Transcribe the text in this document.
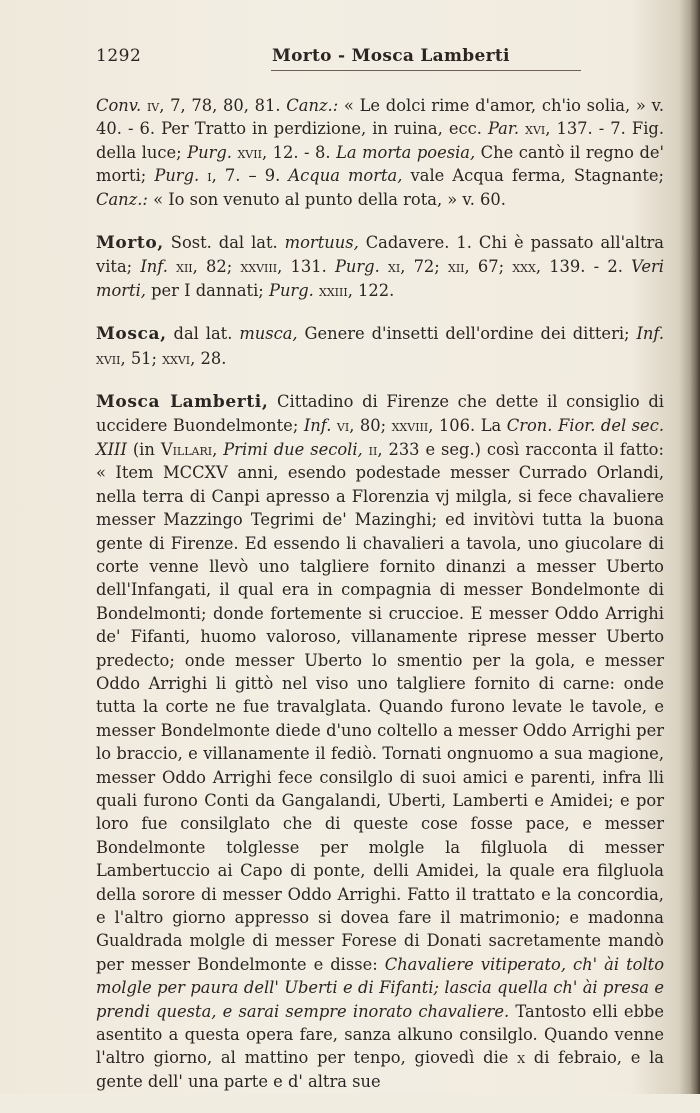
1292	Morto - Mosca Lamberti

Conv. iv, 7, 78, 80, 81. Canz.: « Le dolci rime d'amor, ch'io solia, » v. 40. - 6. Per Tratto in perdizione, in ruina, ecc. Par. xvi, 137. - 7. Fig. della luce; Purg. xvii, 12. - 8. La morta poesia, Che cantò il regno de' morti; Purg. i, 7. – 9. Acqua morta, vale Acqua ferma, Stagnante; Canz.: « Io son venuto al punto della rota, » v. 60.

Morto, Sost. dal lat. mortuus, Cadavere. 1. Chi è passato all'altra vita; Inf. xii, 82; xxviii, 131. Purg. xi, 72; xii, 67; xxx, 139. - 2. Veri morti, per I dannati; Purg. xxiii, 122.

Mosca, dal lat. musca, Genere d'insetti dell'ordine dei ditteri; Inf. xvii, 51; xxvi, 28.

Mosca Lamberti, Cittadino di Firenze che dette il consiglio di uccidere Buondelmonte; Inf. vi, 80; xxviii, 106. La Cron. Fior. del sec. XIII (in Villari, Primi due secoli, ii, 233 e seg.) così racconta il fatto: « Item MCCXV anni, esendo podestade messer Currado Orlandi, nella terra di Canpi apresso a Florenzia vj milgla, si fece chavaliere messer Mazzingo Tegrimi de' Mazinghi; ed invitòvi tutta la buona gente di Firenze. Ed essendo li chavalieri a tavola, uno giucolare di corte venne llevò uno talgliere fornito dinanzi a messer Uberto dell'Infangati, il qual era in compagnia di messer Bondelmonte di Bondelmonti; donde fortemente si cruccioe. E messer Oddo Arrighi de' Fifanti, huomo valoroso, villanamente riprese messer Uberto predecto; onde messer Uberto lo smentio per la gola, e messer Oddo Arrighi li gittò nel viso uno talgliere fornito di carne: onde tutta la corte ne fue travalglata. Quando furono levate le tavole, e messer Bondelmonte diede d'uno coltello a messer Oddo Arrighi per lo braccio, e villanamente il fediò. Tornati ongnuomo a sua magione, messer Oddo Arrighi fece consilglo di suoi amici e parenti, infra lli quali furono Conti da Gangalandi, Uberti, Lamberti e Amidei; e por loro fue consilglato che di queste cose fosse pace, e messer Bondelmonte tolglesse per molgle la filgluola di messer Lambertuccio ai Capo di ponte, delli Amidei, la quale era filgluola della sorore di messer Oddo Arrighi. Fatto il trattato e la concordia, e l'altro giorno appresso si dovea fare il matrimonio; e madonna Gualdrada molgle di messer Forese di Donati sacretamente mandò per messer Bondelmonte e disse: Chavaliere vitiperato, ch' ài tolto molgle per paura dell' Uberti e di Fifanti; lascia quella ch' ài presa e prendi questa, e sarai sempre inorato chavaliere. Tantosto elli ebbe asentito a questa opera fare, sanza alkuno consilglo. Quando venne l'altro giorno, al mattino per tenpo, giovedì die x di febraio, e la gente dell' una parte e d' altra sue
